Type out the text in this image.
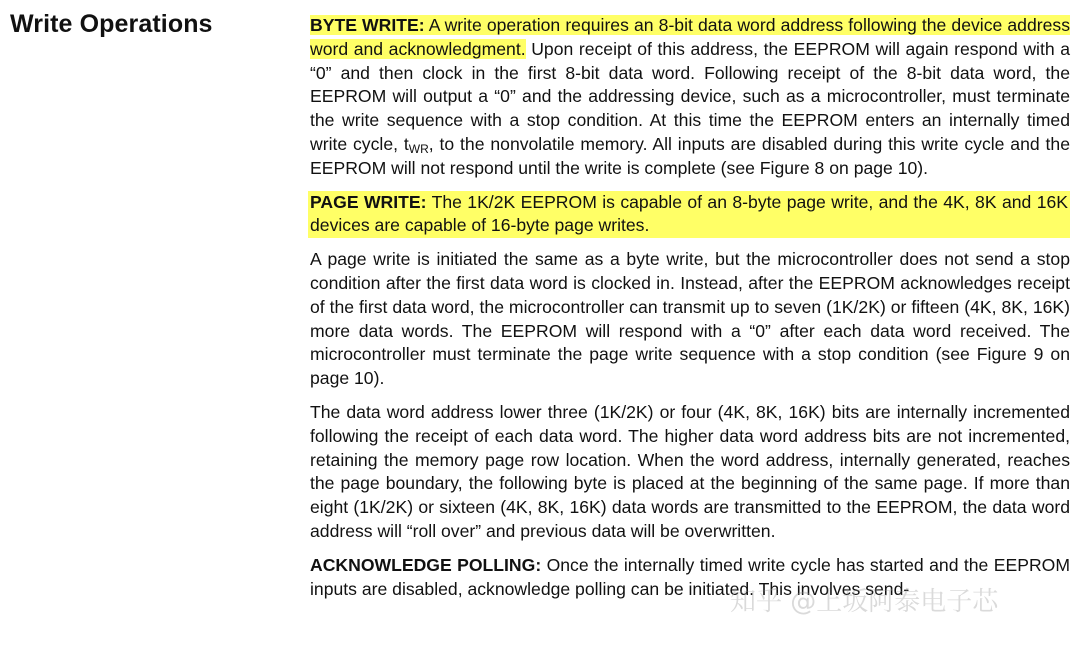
Write Operations	BYTE WRITE: A write operation requires an 8-bit data word address following the device address word and acknowledgment. Upon receipt of this address, the EEPROM will again respond with a “0” and then clock in the first 8-bit data word. Following receipt of the 8-bit data word, the EEPROM will output a “0” and the addressing device, such as a microcontroller, must terminate the write sequence with a stop condition. At this time the EEPROM enters an internally timed write cycle, $t_{WR}$, to the nonvolatile memory. All inputs are disabled during this write cycle and the EEPROM will not respond until the write is complete (see Figure 8 on page 10).

PAGE WRITE: The 1K/2K EEPROM is capable of an 8-byte page write, and the 4K, 8K and 16K devices are capable of 16-byte page writes.

A page write is initiated the same as a byte write, but the microcontroller does not send a stop condition after the first data word is clocked in. Instead, after the EEPROM acknowledges receipt of the first data word, the microcontroller can transmit up to seven (1K/2K) or fifteen (4K, 8K, 16K) more data words. The EEPROM will respond with a “0” after each data word received. The microcontroller must terminate the page write sequence with a stop condition (see Figure 9 on page 10).

The data word address lower three (1K/2K) or four (4K, 8K, 16K) bits are internally incremented following the receipt of each data word. The higher data word address bits are not incremented, retaining the memory page row location. When the word address, internally generated, reaches the page boundary, the following byte is placed at the beginning of the same page. If more than eight (1K/2K) or sixteen (4K, 8K, 16K) data words are transmitted to the EEPROM, the data word address will “roll over” and previous data will be overwritten.

ACKNOWLEDGE POLLING: Once the internally timed write cycle has started and the EEPROM inputs are disabled, acknowledge polling can be initiated. This involves send-

知乎 @上坂阿泰电子芯
